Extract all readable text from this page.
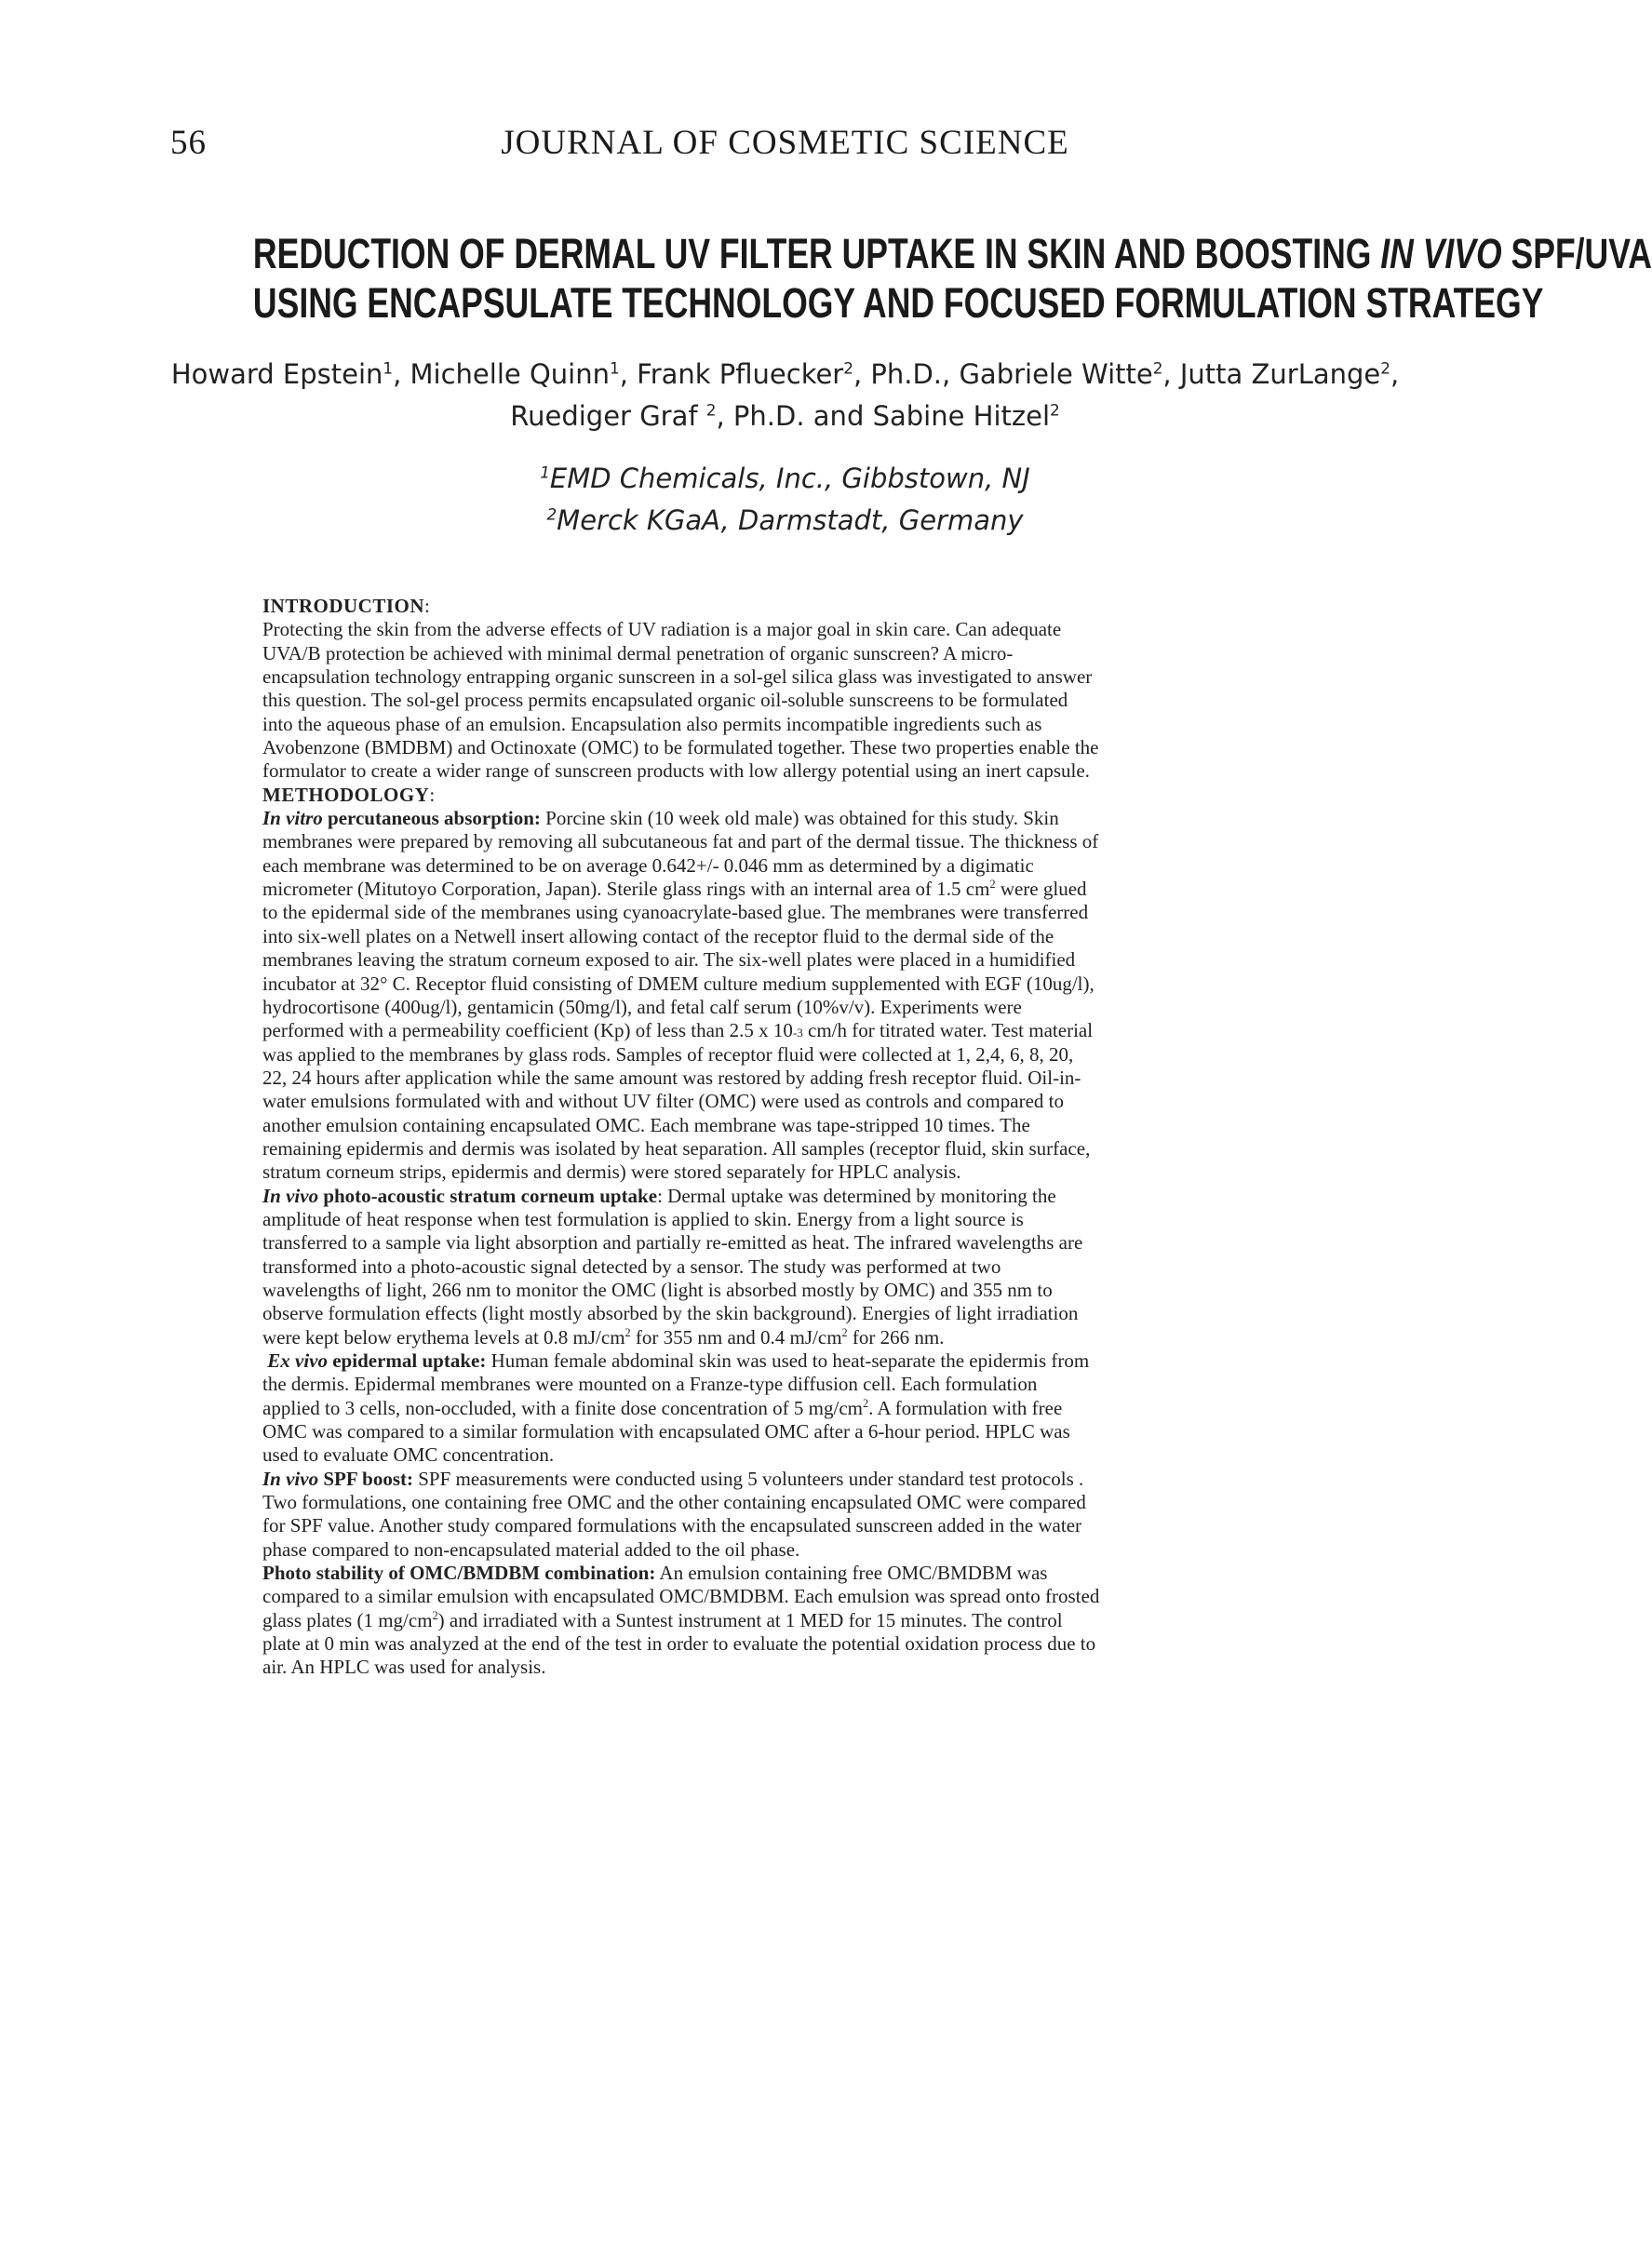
56	JOURNAL OF COSMETIC SCIENCE
REDUCTION OF DERMAL UV FILTER UPTAKE IN SKIN AND BOOSTING IN VIVO SPF/UVA
USING ENCAPSULATE TECHNOLOGY AND FOCUSED FORMULATION STRATEGY
Howard Epstein$^1$, Michelle Quinn$^1$, Frank Pfluecker$^2$, Ph.D., Gabriele Witte$^2$, Jutta ZurLange$^2$,
Ruediger Graf $^2$, Ph.D. and Sabine Hitzel$^2$
$^1$EMD Chemicals, Inc., Gibbstown, NJ
$^2$Merck KGaA, Darmstadt, Germany
INTRODUCTION:
Protecting the skin from the adverse effects of UV radiation is a major goal in skin care. Can adequate
UVA/B protection be achieved with minimal dermal penetration of organic sunscreen? A micro-
encapsulation technology entrapping organic sunscreen in a sol-gel silica glass was investigated to answer
this question. The sol-gel process permits encapsulated organic oil-soluble sunscreens to be formulated
into the aqueous phase of an emulsion. Encapsulation also permits incompatible ingredients such as
Avobenzone (BMDBM) and Octinoxate (OMC) to be formulated together. These two properties enable the
formulator to create a wider range of sunscreen products with low allergy potential using an inert capsule.
METHODOLOGY:
In vitro percutaneous absorption: Porcine skin (10 week old male) was obtained for this study. Skin
membranes were prepared by removing all subcutaneous fat and part of the dermal tissue. The thickness of
each membrane was determined to be on average 0.642+/- 0.046 mm as determined by a digimatic
micrometer (Mitutoyo Corporation, Japan). Sterile glass rings with an internal area of 1.5 $cm^2$ were glued
to the epidermal side of the membranes using cyanoacrylate-based glue. The membranes were transferred
into six-well plates on a Netwell insert allowing contact of the receptor fluid to the dermal side of the
membranes leaving the stratum corneum exposed to air. The six-well plates were placed in a humidified
incubator at 32° C. Receptor fluid consisting of DMEM culture medium supplemented with EGF (10ug/l),
hydrocortisone (400ug/l), gentamicin (50mg/l), and fetal calf serum (10%v/v). Experiments were
performed with a permeability coefficient (Kp) of less than 2.5 x 10-3 cm/h for titrated water. Test material
was applied to the membranes by glass rods. Samples of receptor fluid were collected at 1, 2,4, 6, 8, 20,
22, 24 hours after application while the same amount was restored by adding fresh receptor fluid. Oil-in-
water emulsions formulated with and without UV filter (OMC) were used as controls and compared to
another emulsion containing encapsulated OMC. Each membrane was tape-stripped 10 times. The
remaining epidermis and dermis was isolated by heat separation. All samples (receptor fluid, skin surface,
stratum corneum strips, epidermis and dermis) were stored separately for HPLC analysis.
In vivo photo-acoustic stratum corneum uptake: Dermal uptake was determined by monitoring the
amplitude of heat response when test formulation is applied to skin. Energy from a light source is
transferred to a sample via light absorption and partially re-emitted as heat. The infrared wavelengths are
transformed into a photo-acoustic signal detected by a sensor. The study was performed at two
wavelengths of light, 266 nm to monitor the OMC (light is absorbed mostly by OMC) and 355 nm to
observe formulation effects (light mostly absorbed by the skin background). Energies of light irradiation
were kept below erythema levels at 0.8 $mJ/cm^2$ for 355 nm and 0.4 $mJ/cm^2$ for 266 nm.
Ex vivo epidermal uptake: Human female abdominal skin was used to heat-separate the epidermis from
the dermis. Epidermal membranes were mounted on a Franze-type diffusion cell. Each formulation
applied to 3 cells, non-occluded, with a finite dose concentration of 5 $mg/cm^2$. A formulation with free
OMC was compared to a similar formulation with encapsulated OMC after a 6-hour period. HPLC was
used to evaluate OMC concentration.
In vivo SPF boost: SPF measurements were conducted using 5 volunteers under standard test protocols .
Two formulations, one containing free OMC and the other containing encapsulated OMC were compared
for SPF value. Another study compared formulations with the encapsulated sunscreen added in the water
phase compared to non-encapsulated material added to the oil phase.
Photo stability of OMC/BMDBM combination: An emulsion containing free OMC/BMDBM was
compared to a similar emulsion with encapsulated OMC/BMDBM. Each emulsion was spread onto frosted
glass plates (1 $mg/cm^2$) and irradiated with a Suntest instrument at 1 MED for 15 minutes. The control
plate at 0 min was analyzed at the end of the test in order to evaluate the potential oxidation process due to
air. An HPLC was used for analysis.
